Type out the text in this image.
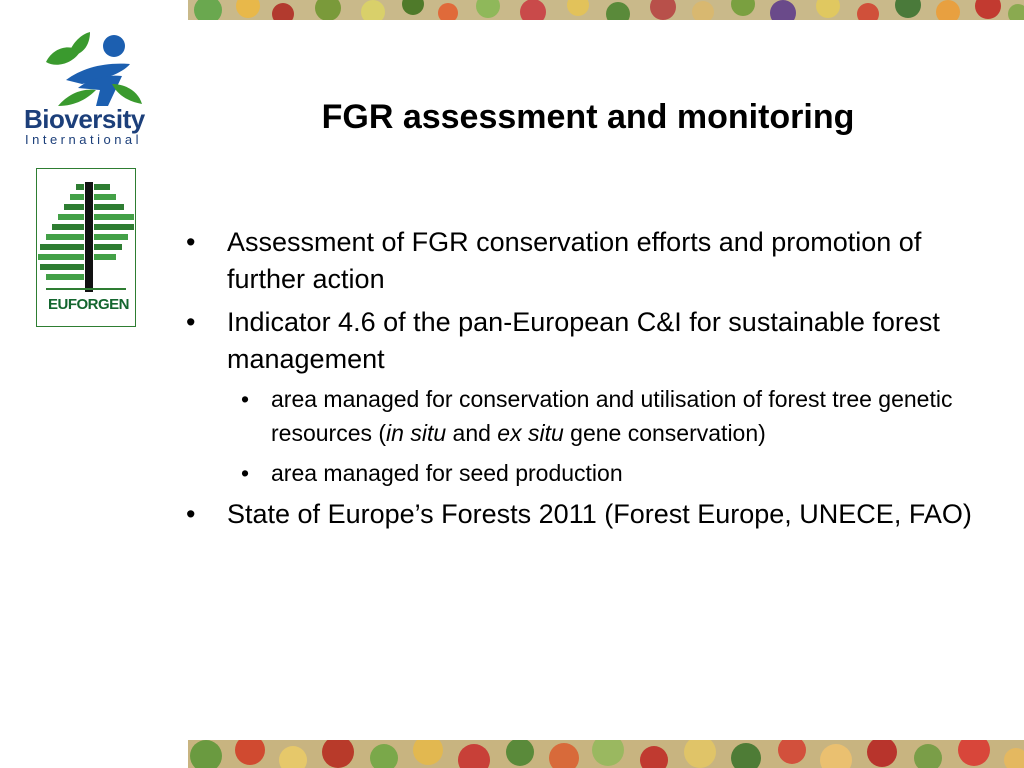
Bioversity
International
EUFORGEN
FGR assessment and monitoring
• Assessment of FGR conservation efforts and promotion of further action
• Indicator 4.6 of the pan-European C&I for sustainable forest management
• area managed for conservation and utilisation of forest tree genetic resources (in situ and ex situ gene conservation)
• area managed for seed production
• State of Europe’s Forests 2011 (Forest Europe, UNECE, FAO)
